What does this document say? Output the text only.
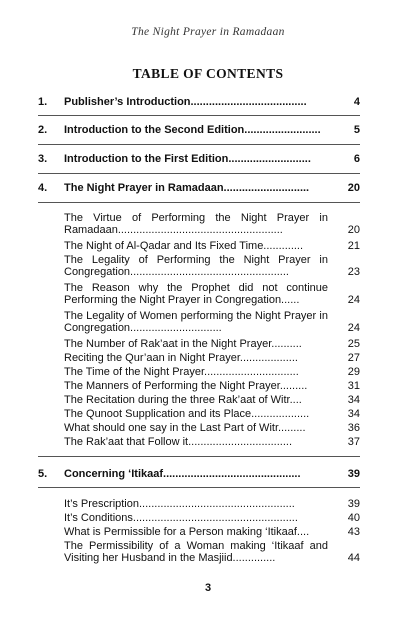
The Night Prayer in Ramadaan
TABLE OF CONTENTS
1. Publisher’s Introduction......................................	4
2. Introduction to the Second Edition.........................	5
3. Introduction to the First Edition...........................	6
4. The Night Prayer in Ramadaan............................	20
The Virtue of Performing the Night Prayer in Ramadaan......................................................	20
The Night of Al-Qadar and Its Fixed Time.............	21
The Legality of Performing the Night Prayer in Congregation....................................................	23
The Reason why the Prophet did not continue Performing the Night Prayer in Congregation......	24
The Legality of Women performing the Night Prayer in Congregation..............................	24
The Number of Rak’aat in the Night Prayer..........	25
Reciting the Qur’aan in Night Prayer...................	27
The Time of the Night Prayer...............................	29
The Manners of Performing the Night Prayer.........	31
The Recitation during the three Rak’aat of Witr....	34
The Qunoot Supplication and its Place...................	34
What should one say in the Last Part of Witr.........	36
The Rak’aat that Follow it..................................	37
5. Concerning ‘Itikaaf.............................................	39
It’s Prescription...................................................	39
It’s Conditions......................................................	40
What is Permissible for a Person making ‘Itikaaf....	43
The Permissibility of a Woman making ‘Itikaaf and Visiting her Husband in the Masjiid..............	44
3
